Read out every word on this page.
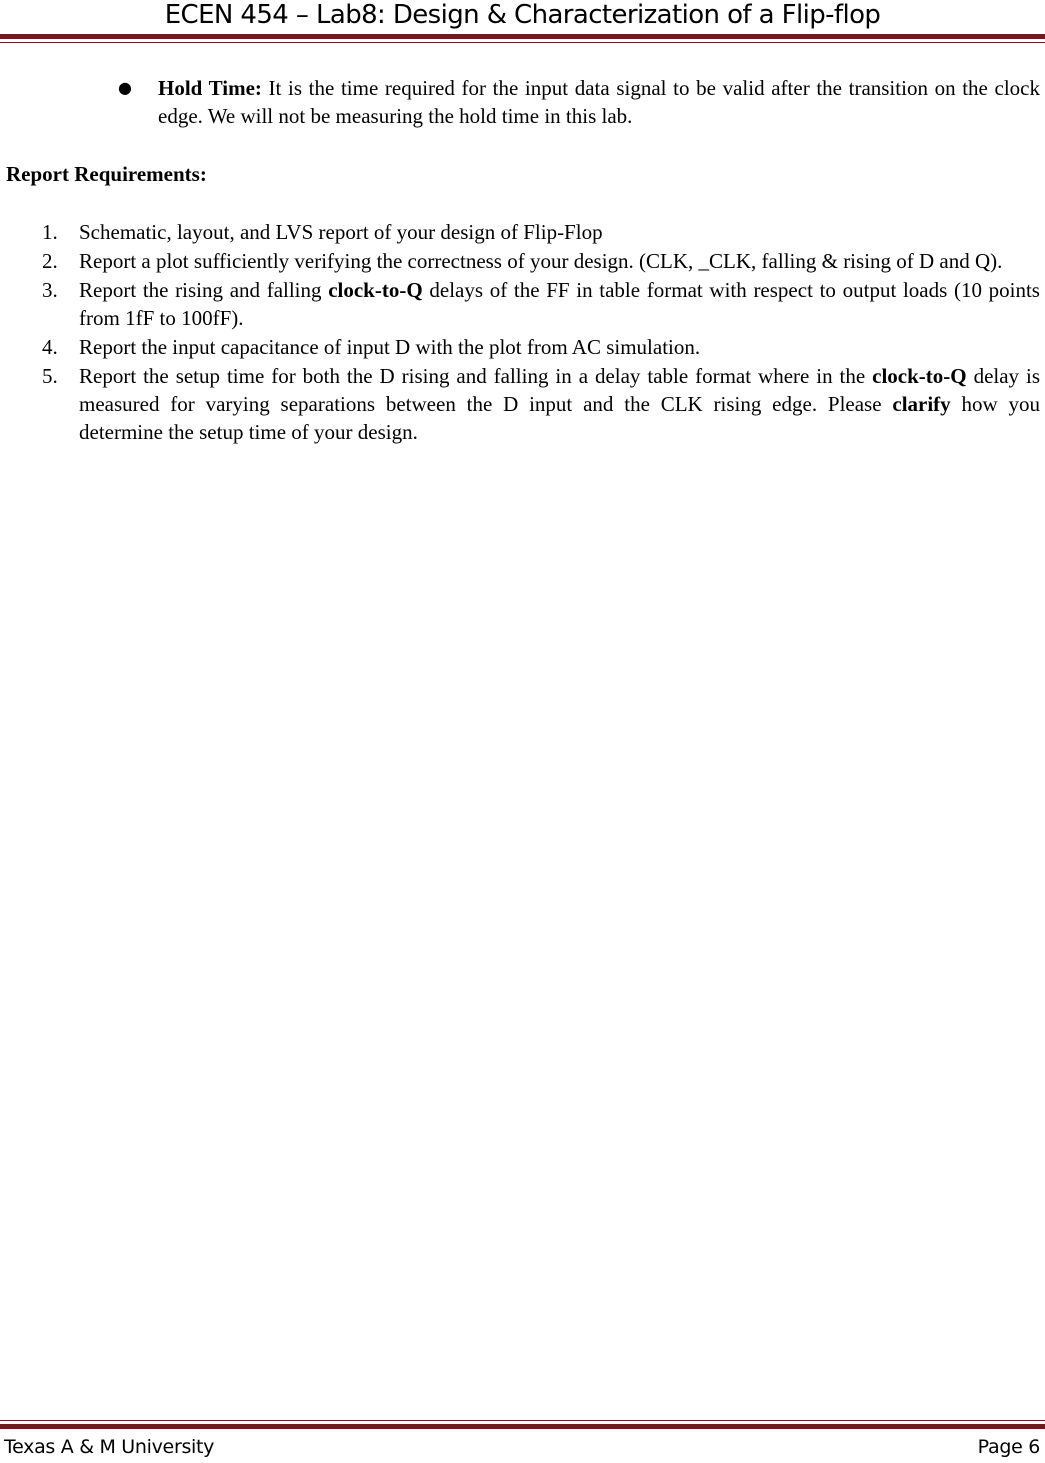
ECEN 454 – Lab8: Design & Characterization of a Flip-flop
● Hold Time: It is the time required for the input data signal to be valid after the transition on the clock edge. We will not be measuring the hold time in this lab.
Report Requirements:
1. Schematic, layout, and LVS report of your design of Flip-Flop
2. Report a plot sufficiently verifying the correctness of your design. (CLK, _CLK, falling & rising of D and Q).
3. Report the rising and falling clock-to-Q delays of the FF in table format with respect to output loads (10 points from 1fF to 100fF).
4. Report the input capacitance of input D with the plot from AC simulation.
5. Report the setup time for both the D rising and falling in a delay table format where in the clock-to-Q delay is measured for varying separations between the D input and the CLK rising edge. Please clarify how you determine the setup time of your design.
Texas A & M University	Page 6
